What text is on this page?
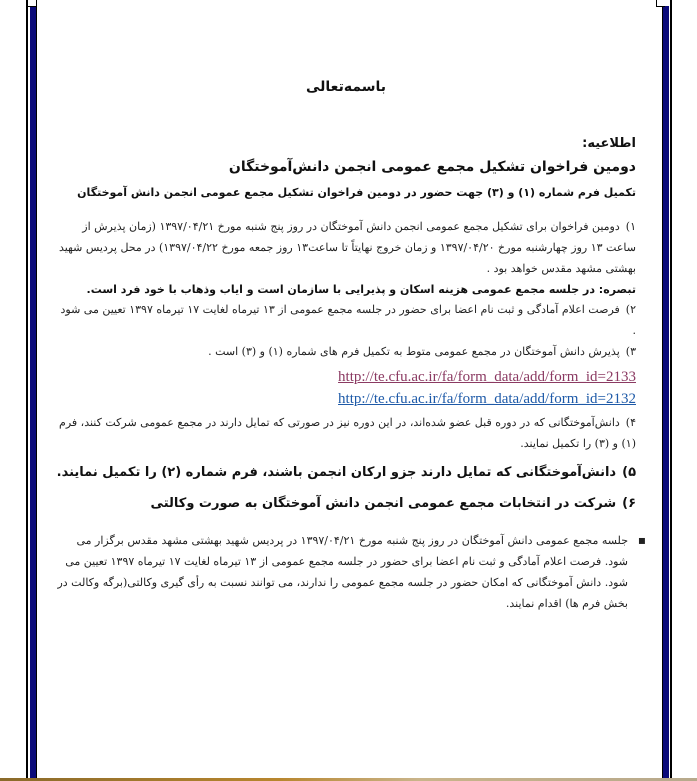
باسمه‌تعالی
اطلاعیه:
دومین فراخوان تشکیل مجمع عمومی انجمن دانش‌آموختگان
تکمیل فرم شماره (۱) و (۳) جهت حضور در دومین فراخوان تشکیل مجمع عمومی انجمن دانش آموختگان
۱)دومین فراخوان برای تشکیل مجمع عمومی انجمن دانش آموختگان در روز پنج شنبه مورخ ۱۳۹۷/۰۴/۲۱ (زمان پذیرش از ساعت ۱۳ روز چهارشنبه مورخ ۱۳۹۷/۰۴/۲۰ و زمان خروج نهایتاً تا ساعت۱۳ روز جمعه مورخ ۱۳۹۷/۰۴/۲۲) در محل پردیس شهید بهشتی مشهد مقدس خواهد بود .
تبصره: در جلسه مجمع عمومی هزینه اسکان و پذیرایی با سازمان است و ایاب وذهاب با خود فرد است.
۲)فرصت اعلام آمادگی و ثبت نام اعضا برای حضور در جلسه مجمع عمومی از ۱۳ تیرماه لغایت ۱۷ تیرماه ۱۳۹۷ تعیین می شود .
۳)پذیرش دانش آموختگان در مجمع عمومی متوط به تکمیل فرم های شماره (۱) و (۳) است .
http://te.cfu.ac.ir/fa/form_data/add/form_id=2133
http://te.cfu.ac.ir/fa/form_data/add/form_id=2132
۴)دانش‌آموختگانی که در دوره قبل عضو شده‌اند، در این دوره نیز در صورتی که تمایل دارند در مجمع عمومی شرکت کنند، فرم (۱) و (۳) را تکمیل نمایند.
۵)دانش‌آموختگانی که تمایل دارند جزو ارکان انجمن باشند، فرم شماره (۲) را تکمیل نمایند.
۶)شرکت در انتخابات مجمع عمومی انجمن دانش آموختگان به صورت وکالتی
▪
جلسه مجمع عمومی دانش آموختگان در روز پنج شنبه مورخ ۱۳۹۷/۰۴/۲۱ در پردیس شهید بهشتی مشهد مقدس برگزار می شود. فرصت اعلام آمادگی و ثبت نام اعضا برای حضور در جلسه مجمع عمومی از ۱۳ تیرماه لغایت ۱۷ تیرماه ۱۳۹۷ تعیین می شود. دانش آموختگانی که امکان حضور در جلسه مجمع عمومی را ندارند، می توانند نسبت به رأی گیری وکالتی(برگه وکالت در بخش فرم ها) اقدام نمایند.
